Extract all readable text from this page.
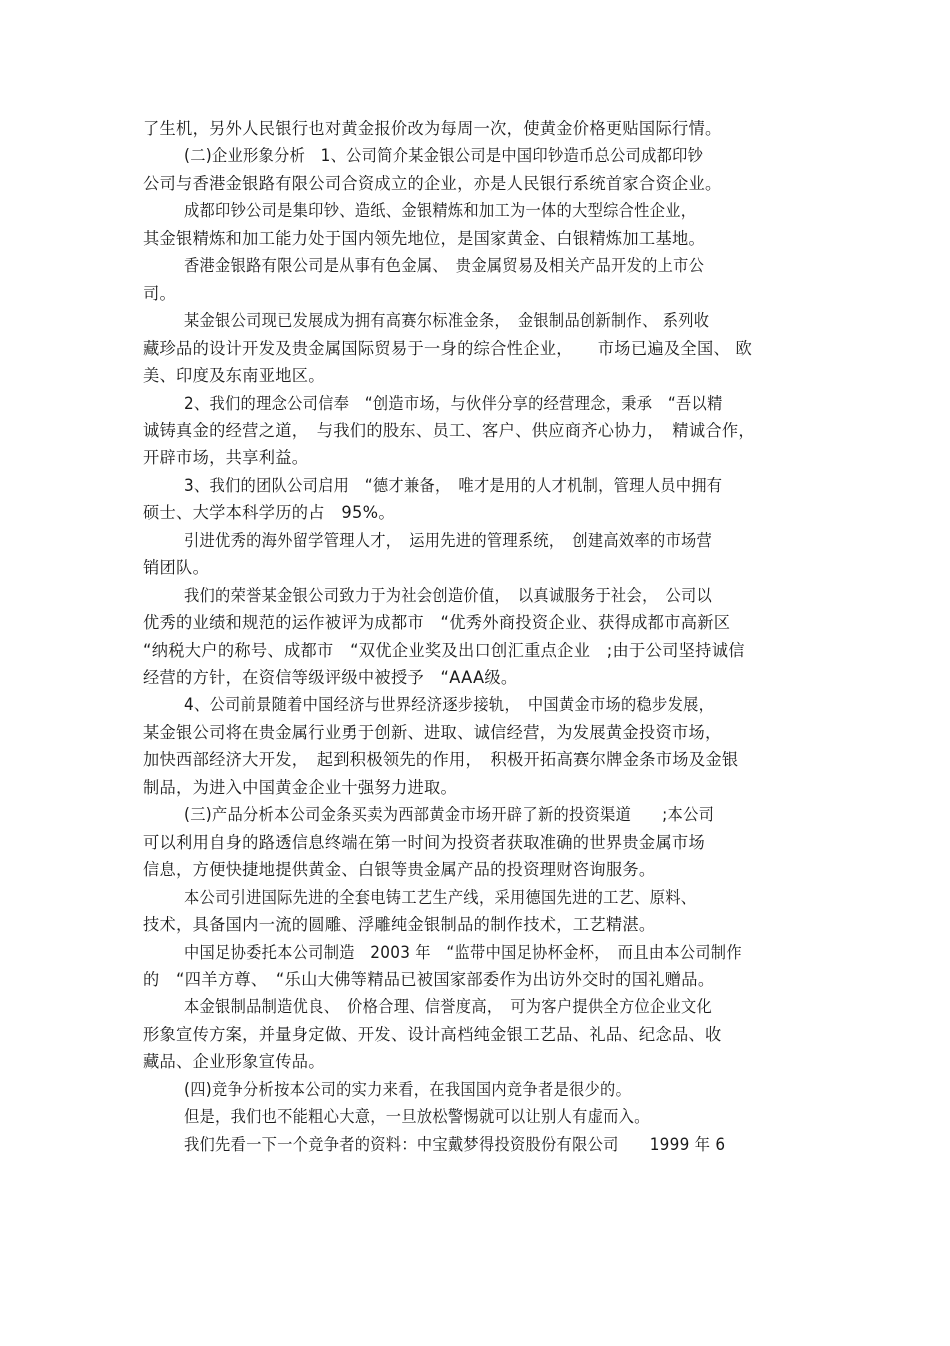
了生机，另外人民银行也对黄金报价改为每周一次，使黄金价格更贴国际行情。
(二)企业形象分析　1、公司简介某金银公司是中国印钞造币总公司成都印钞
公司与香港金银路有限公司合资成立的企业，亦是人民银行系统首家合资企业。
成都印钞公司是集印钞、造纸、金银精炼和加工为一体的大型综合性企业，
其金银精炼和加工能力处于国内领先地位，是国家黄金、白银精炼加工基地。
香港金银路有限公司是从事有色金属、　贵金属贸易及相关产品开发的上市公
司。
某金银公司现已发展成为拥有高赛尔标准金条，　金银制品创新制作、 系列收
藏珍品的设计开发及贵金属国际贸易于一身的综合性企业，　　市场已遍及全国、 欧
美、印度及东南亚地区。
2、我们的理念公司信奉　“创造市场，与伙伴分享的经营理念，秉承　“吾以精
诚铸真金的经营之道，　与我们的股东、员工、客户、供应商齐心协力，　精诚合作，
开辟市场，共享利益。
3、我们的团队公司启用　“德才兼备，　唯才是用的人才机制，管理人员中拥有
硕士、大学本科学历的占　95%。
引进优秀的海外留学管理人才，　运用先进的管理系统，　创建高效率的市场营
销团队。
我们的荣誉某金银公司致力于为社会创造价值，　以真诚服务于社会，　公司以
优秀的业绩和规范的运作被评为成都市　“优秀外商投资企业、获得成都市高新区
“纳税大户的称号、成都市　“双优企业奖及出口创汇重点企业　;由于公司坚持诚信
经营的方针，在资信等级评级中被授予　“AAA级。
4、公司前景随着中国经济与世界经济逐步接轨，　中国黄金市场的稳步发展，
某金银公司将在贵金属行业勇于创新、进取、诚信经营，为发展黄金投资市场，
加快西部经济大开发，　起到积极领先的作用，　积极开拓高赛尔牌金条市场及金银
制品，为进入中国黄金企业十强努力进取。
(三)产品分析本公司金条买卖为西部黄金市场开辟了新的投资渠道　　;本公司
可以利用自身的路透信息终端在第一时间为投资者获取准确的世界贵金属市场
信息，方便快捷地提供黄金、白银等贵金属产品的投资理财咨询服务。
本公司引进国际先进的全套电铸工艺生产线，采用德国先进的工艺、原料、
技术，具备国内一流的圆雕、浮雕纯金银制品的制作技术，工艺精湛。
中国足协委托本公司制造　2003 年　“监带中国足协杯金杯，　而且由本公司制作
的　“四羊方尊、　“乐山大佛等精品已被国家部委作为出访外交时的国礼赠品。
本金银制品制造优良、　价格合理、信誉度高，　可为客户提供全方位企业文化
形象宣传方案，并量身定做、开发、设计高档纯金银工艺品、礼品、纪念品、收
藏品、企业形象宣传品。
(四)竞争分析按本公司的实力来看，在我国国内竞争者是很少的。
但是，我们也不能粗心大意，一旦放松警惕就可以让别人有虚而入。
我们先看一下一个竞争者的资料：中宝戴梦得投资股份有限公司　　1999 年 6
